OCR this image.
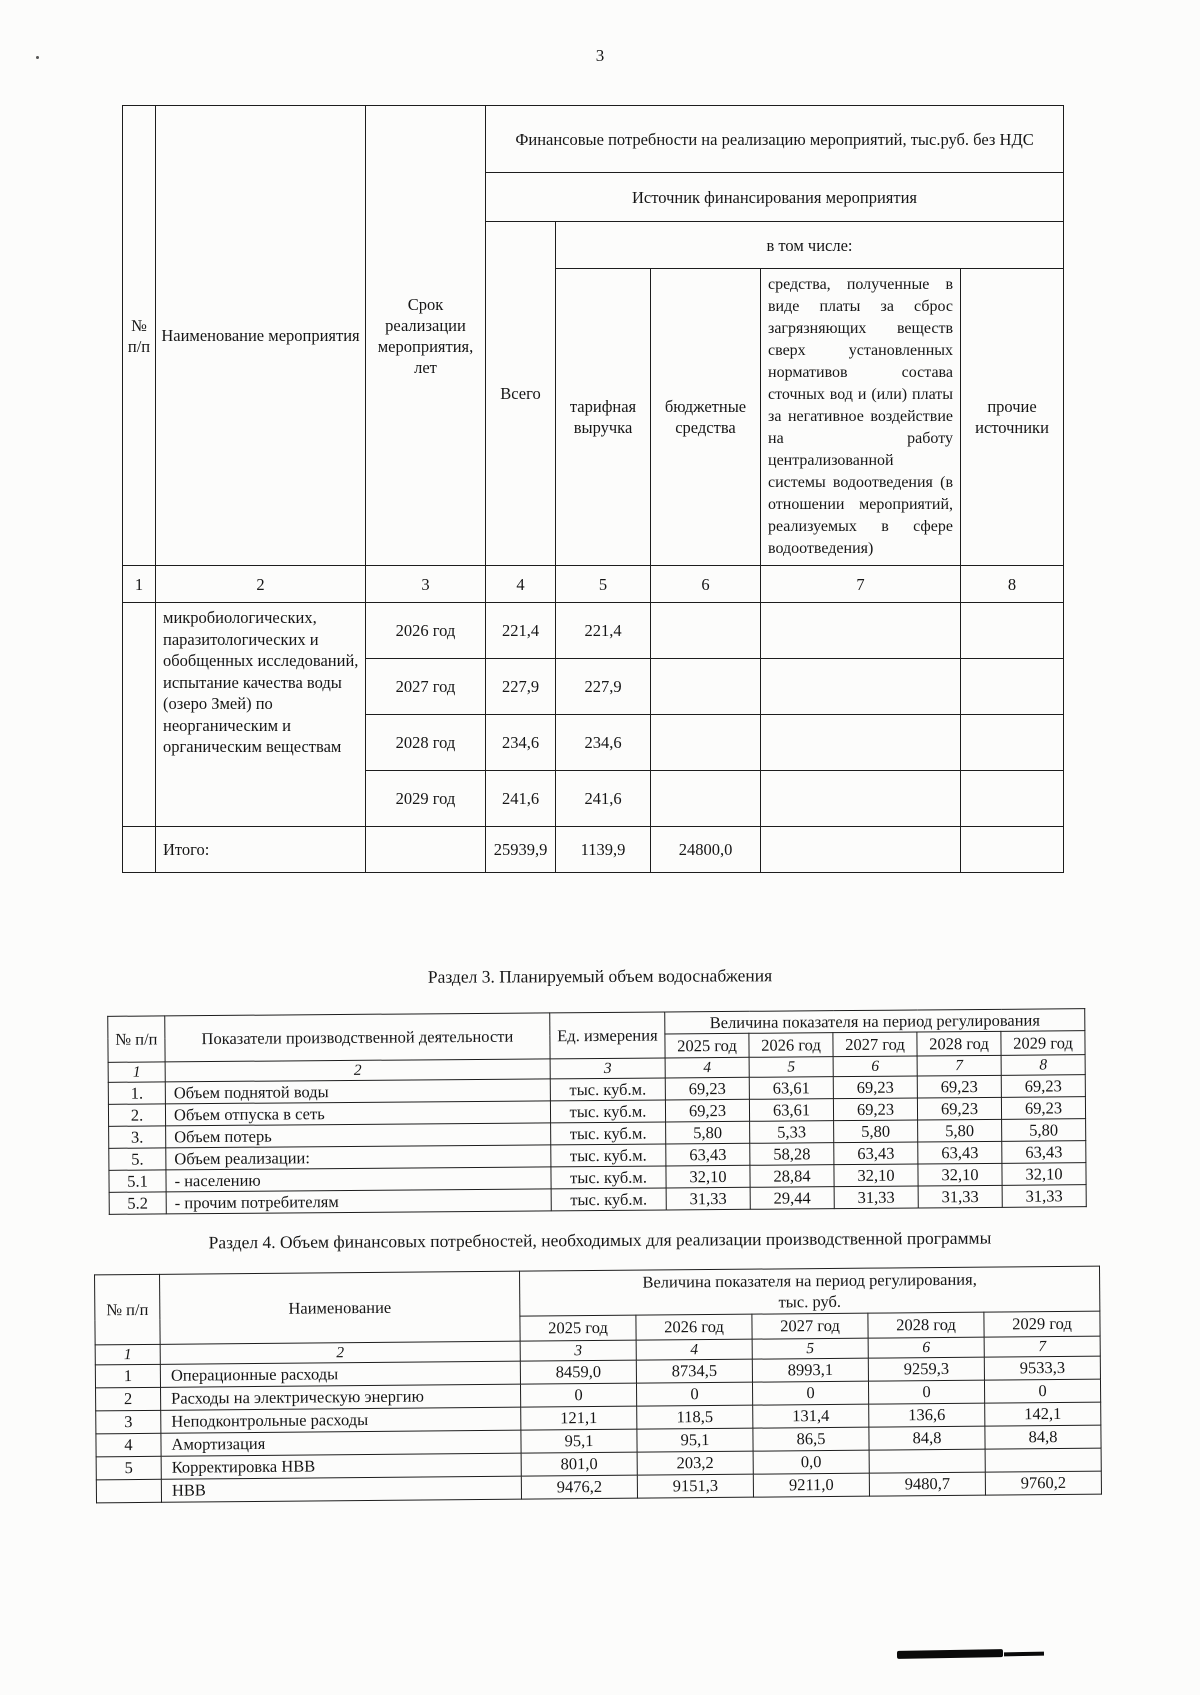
3
№ п/п	Наименование мероприятия	Срок реализации мероприятия, лет	Финансовые потребности на реализацию мероприятий, тыс.руб. без НДС				
			Источник финансирования мероприятия				
			Всего	в том числе:			
				тарифная выручка	бюджетные средства	средства, полученные в виде платы за сброс загрязняющих веществ сверх установленных нормативов состава сточных вод и (или) платы за негативное воздействие на работу централизованной системы водоотведения (в отношении мероприятий, реализуемых в сфере водоотведения)	прочие источники
1	2	3	4	5	6	7	8
	микробиологических, паразитологических и обобщенных исследований, испытание качества воды (озеро Змей) по неорганическим и органическим веществам	2026 год	221,4	221,4			
		2027 год	227,9	227,9			
		2028 год	234,6	234,6			
		2029 год	241,6	241,6			
	Итого:		25939,9	1139,9	24800,0		
Раздел 3. Планируемый объем водоснабжения
№ п/п	Показатели производственной деятельности	Ед. измерения	Величина показателя на период регулирования				
			2025 год	2026 год	2027 год	2028 год	2029 год
1	2	3	4	5	6	7	8
1.	Объем поднятой воды	тыс. куб.м.	69,23	63,61	69,23	69,23	69,23
2.	Объем отпуска в сеть	тыс. куб.м.	69,23	63,61	69,23	69,23	69,23
3.	Объем потерь	тыс. куб.м.	5,80	5,33	5,80	5,80	5,80
5.	Объем реализации:	тыс. куб.м.	63,43	58,28	63,43	63,43	63,43
5.1	- населению	тыс. куб.м.	32,10	28,84	32,10	32,10	32,10
5.2	- прочим потребителям	тыс. куб.м.	31,33	29,44	31,33	31,33	31,33
Раздел 4. Объем финансовых потребностей, необходимых для реализации производственной программы
№ п/п	Наименование	Величина показателя на период регулирования,
тыс. руб.				
		2025 год	2026 год	2027 год	2028 год	2029 год
1	2	3	4	5	6	7
1	Операционные расходы	8459,0	8734,5	8993,1	9259,3	9533,3
2	Расходы на электрическую энергию	0	0	0	0	0
3	Неподконтрольные расходы	121,1	118,5	131,4	136,6	142,1
4	Амортизация	95,1	95,1	86,5	84,8	84,8
5	Корректировка НВВ	801,0	203,2	0,0		
	НВВ	9476,2	9151,3	9211,0	9480,7	9760,2
